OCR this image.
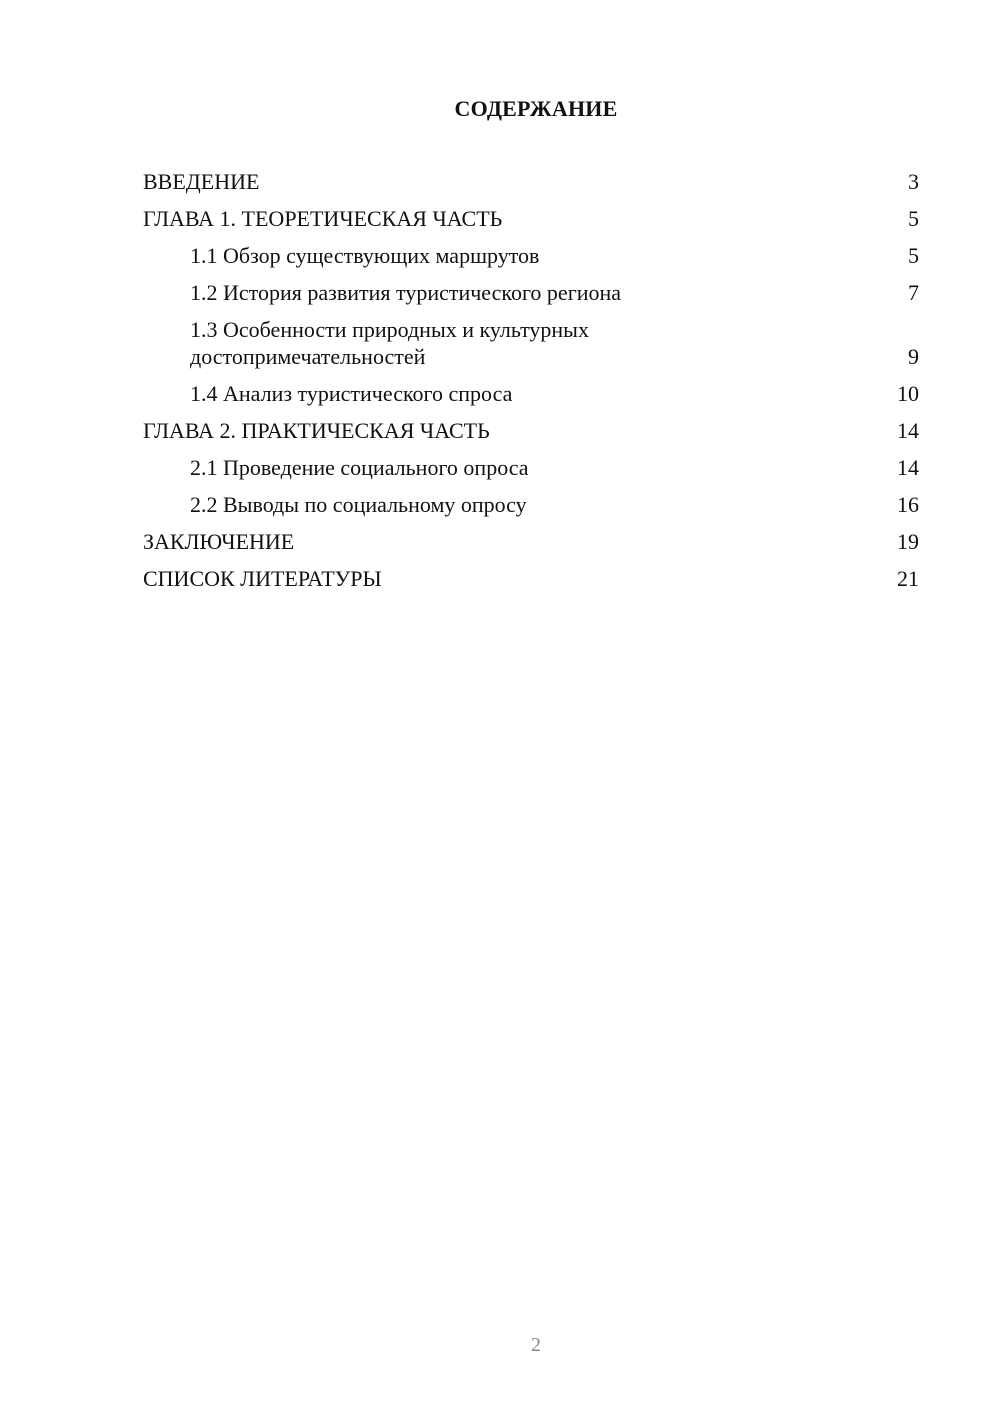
СОДЕРЖАНИЕ
ВВЕДЕНИЕ	3
ГЛАВА 1. ТЕОРЕТИЧЕСКАЯ ЧАСТЬ	5
1.1 Обзор существующих маршрутов	5
1.2 История развития туристического региона	7
1.3 Особенности природных и культурных достопримечательностей	9
1.4 Анализ туристического спроса	10
ГЛАВА 2. ПРАКТИЧЕСКАЯ ЧАСТЬ	14
2.1 Проведение социального опроса	14
2.2 Выводы по социальному опросу	16
ЗАКЛЮЧЕНИЕ	19
СПИСОК ЛИТЕРАТУРЫ	21
2
